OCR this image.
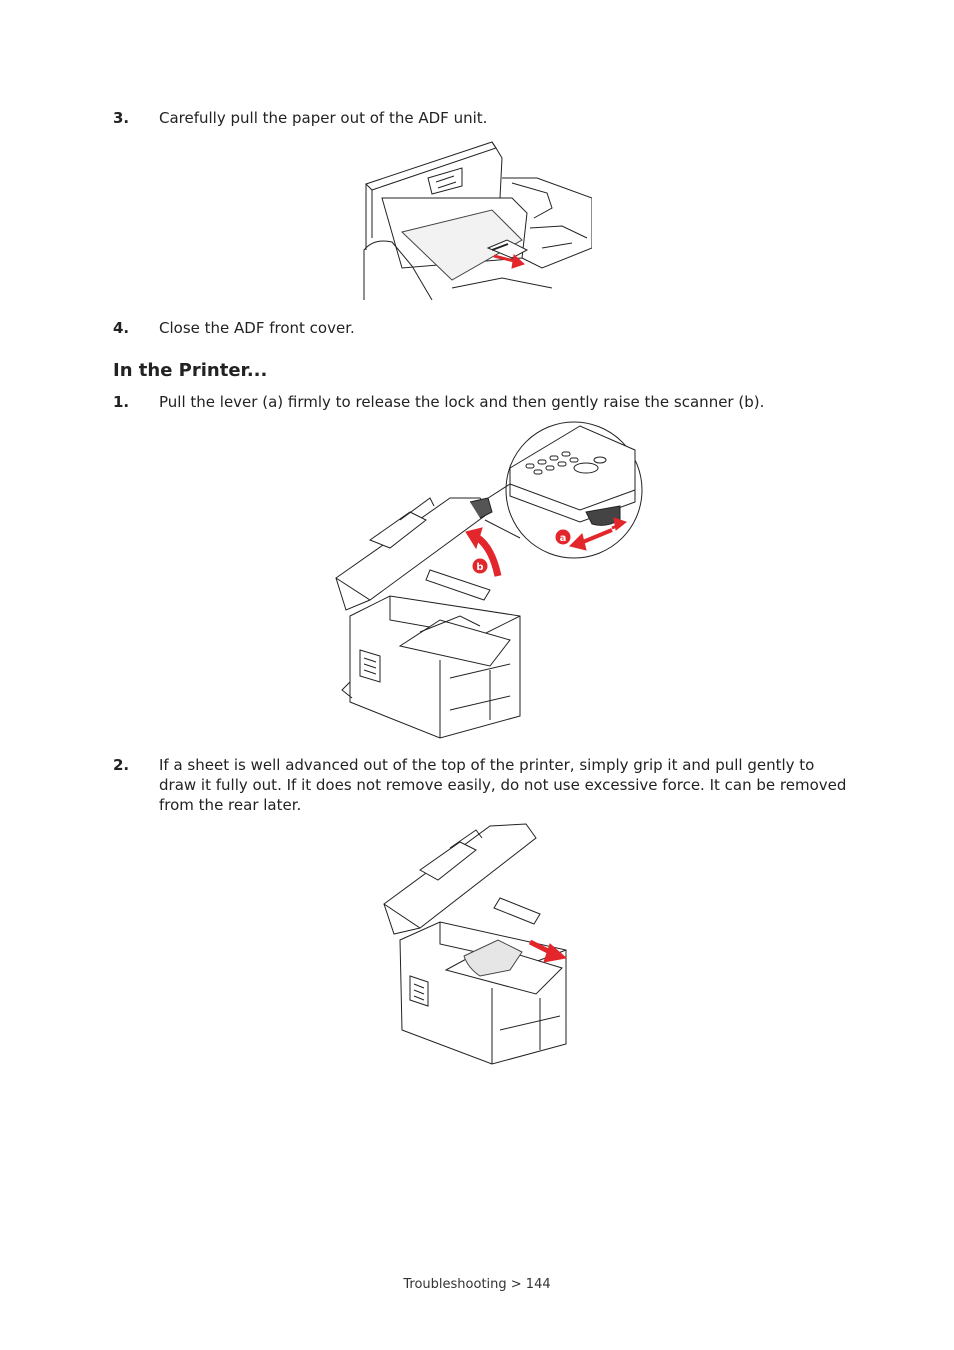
3.	Carefully pull the paper out of the ADF unit.
4.	Close the ADF front cover.
In the Printer...
1.	Pull the lever (a) firmly to release the lock and then gently raise the scanner (b).
a
b
2.	If a sheet is well advanced out of the top of the printer, simply grip it and pull gently to draw it fully out. If it does not remove easily, do not use excessive force. It can be removed from the rear later.
Troubleshooting > 144
